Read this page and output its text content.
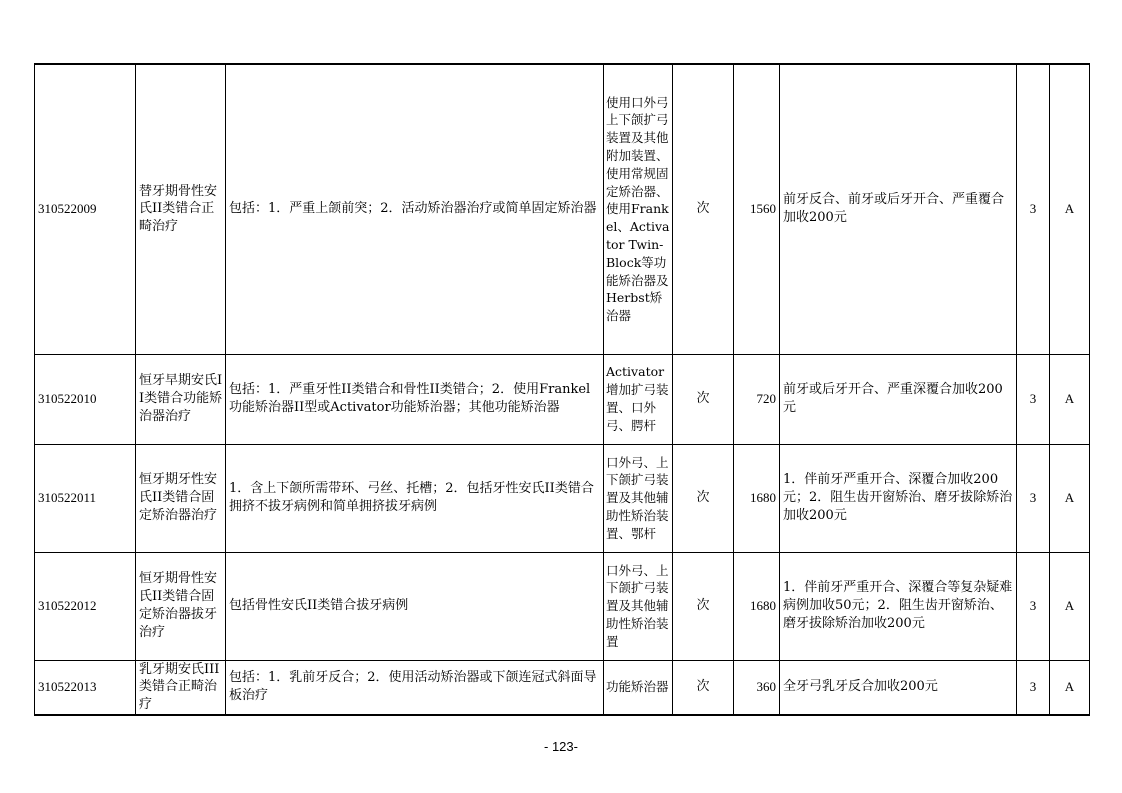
310522009	替牙期骨性安氏II类错合正畸治疗	包括：1．严重上颌前突；2．活动矫治器治疗或简单固定矫治器	使用口外弓上下颌扩弓装置及其他附加装置、使用常规固定矫治器、 使用Frankel、Activator Twin-Block等功能矫治器及Herbst矫治器	次	1560	前牙反合、前牙或后牙开合、严重覆合加收200元	3	A
310522010	恒牙早期安氏II类错合功能矫治器治疗	包括：1．严重牙性II类错合和骨性II类错合；2．使用Frankel功能矫治器II型或Activator功能矫治器；其他功能矫治器	Activator增加扩弓装置、口外弓、腭杆	次	720	前牙或后牙开合、严重深覆合加收200元	3	A
310522011	恒牙期牙性安氏II类错合固定矫治器治疗	1．含上下颌所需带环、弓丝、托槽；2．包括牙性安氏II类错合拥挤不拔牙病例和简单拥挤拔牙病例	口外弓、上下颌扩弓装置及其他辅助性矫治装置、鄂杆	次	1680	1．伴前牙严重开合、深覆合加收200元；2．阻生齿开窗矫治、磨牙拔除矫治加收200元	3	A
310522012	恒牙期骨性安氏II类错合固定矫治器拔牙治疗	包括骨性安氏II类错合拔牙病例	口外弓、上下颌扩弓装置及其他辅助性矫治装置	次	1680	1．伴前牙严重开合、深覆合等复杂疑难病例加收50元；2．阻生齿开窗矫治、磨牙拔除矫治加收200元	3	A
310522013	乳牙期安氏III类错合正畸治疗	包括：1．乳前牙反合；2．使用活动矫治器或下颌连冠式斜面导板治疗	功能矫治器	次	360	全牙弓乳牙反合加收200元	3	A
- 123-
